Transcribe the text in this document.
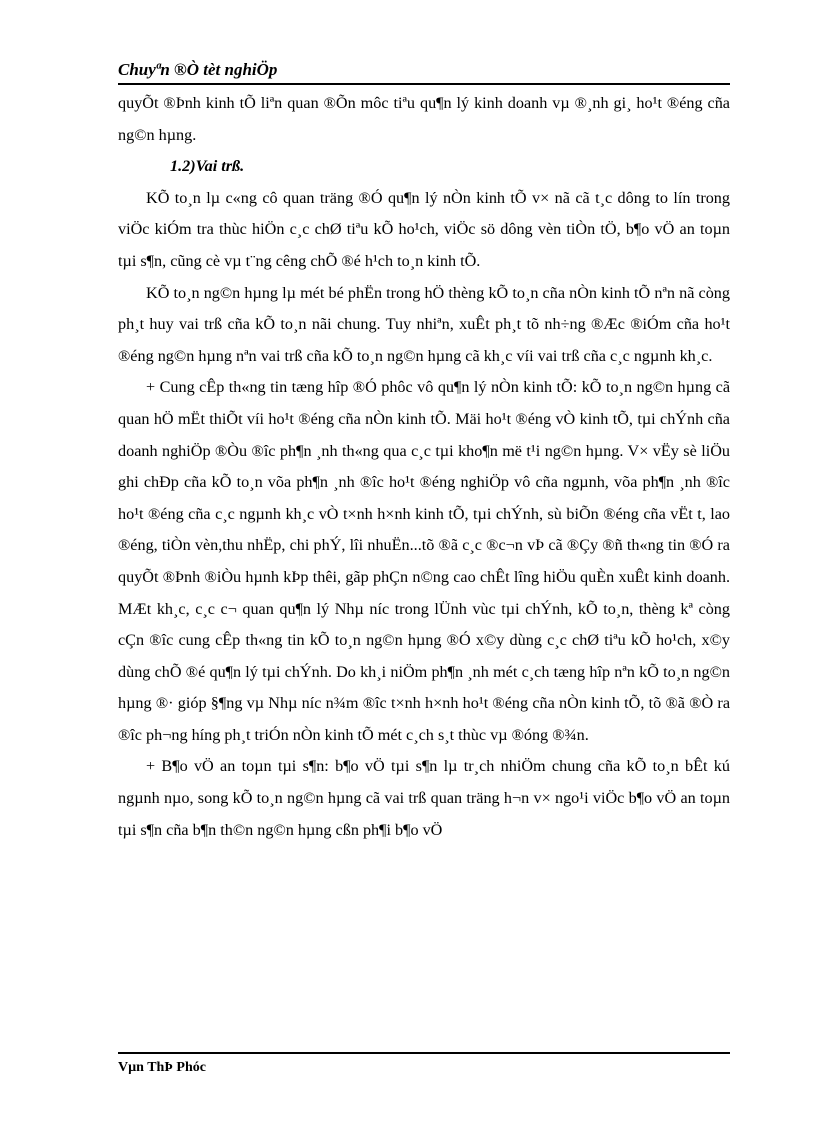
Chuyªn ®Ò tèt nghiÖp

quyÕt ®Þnh kinh tÕ liªn quan ®Õn môc tiªu qu¶n lý kinh doanh vµ ®¸nh gi¸ ho¹t ®éng cña ng©n hµng.

1.2)Vai trß.

KÕ to¸n lµ c«ng cô quan träng ®Ó qu¶n lý nÒn kinh tÕ v× nã cã t¸c dông to lín trong viÖc kiÓm tra thùc hiÖn c¸c chØ tiªu kÕ ho¹ch, viÖc sö dông vèn tiÒn tÖ, b¶o vÖ an toµn tµi s¶n, cũng cè vµ t¨ng cêng chÕ ®é h¹ch to¸n kinh tÕ.

KÕ to¸n ng©n hµng lµ mét bé phËn trong hÖ thèng kÕ to¸n cña nÒn kinh tÕ nªn nã còng ph¸t huy vai trß cña kÕ to¸n nãi chung. Tuy nhiªn, xuÊt ph¸t tõ nh÷ng ®Æc ®iÓm cña ho¹t ®éng ng©n hµng nªn vai trß cña kÕ to¸n ng©n hµng cã kh¸c víi vai trß cña c¸c ngµnh kh¸c.

+ Cung cÊp th«ng tin tæng hîp ®Ó phôc vô qu¶n lý nÒn kinh tÕ: kÕ to¸n ng©n hµng cã quan hÖ mËt thiÕt víi ho¹t ®éng cña nÒn kinh tÕ. Mäi ho¹t ®éng vÒ kinh tÕ, tµi chÝnh cña doanh nghiÖp ®Òu ®îc ph¶n ¸nh th«ng qua c¸c tµi kho¶n më t¹i ng©n hµng. V× vËy sè liÖu ghi chÐp cña kÕ to¸n võa ph¶n ¸nh ®îc ho¹t ®éng nghiÖp vô cña ngµnh, võa ph¶n ¸nh ®îc ho¹t ®éng cña c¸c ngµnh kh¸c vÒ t×nh h×nh kinh tÕ, tµi chÝnh, sù biÕn ®éng cña vËt t, lao ®éng, tiÒn vèn,thu nhËp, chi phÝ, lîi nhuËn...tõ ®ã c¸c ®c¬n vÞ cã ®Çy ®ñ th«ng tin ®Ó ra quyÕt ®Þnh ®iÒu hµnh kÞp thêi, gãp phÇn n©ng cao chÊt lîng hiÖu quÈn xuÊt kinh doanh. MÆt kh¸c, c¸c c¬ quan qu¶n lý Nhµ níc trong lÜnh vùc tµi chÝnh, kÕ to¸n, thèng kª còng cÇn ®îc cung cÊp th«ng tin kÕ to¸n ng©n hµng ®Ó x©y dùng c¸c chØ tiªu kÕ ho¹ch, x©y dùng chÕ ®é qu¶n lý tµi chÝnh. Do kh¸i niÖm ph¶n ¸nh mét c¸ch tæng hîp nªn kÕ to¸n ng©n hµng ®· gióp §¶ng vµ Nhµ níc n¾m ®îc t×nh h×nh ho¹t ®éng cña nÒn kinh tÕ, tõ ®ã ®Ò ra ®îc ph¬ng híng ph¸t triÓn nÒn kinh tÕ mét c¸ch s¸t thùc vµ ®óng ®¾n.

+ B¶o vÖ an toµn tµi s¶n: b¶o vÖ tµi s¶n lµ tr¸ch nhiÖm chung cña kÕ to¸n bÊt kú ngµnh nµo, song kÕ to¸n ng©n hµng cã vai trß quan träng h¬n v× ngo¹i viÖc b¶o vÖ an toµn tµi s¶n cña b¶n th©n ng©n hµng cßn ph¶i b¶o vÖ

Vµn ThÞ Phóc
